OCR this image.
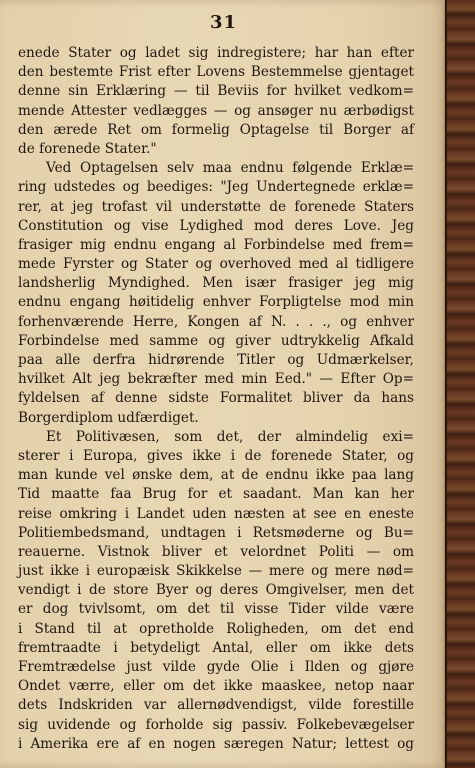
31
enede Stater og ladet sig indregistere; har han efter
den bestemte Frist efter Lovens Bestemmelse gjentaget
denne sin Erklæring — til Beviis for hvilket vedkom=
mende Attester vedlægges — og ansøger nu ærbødigst
den ærede Ret om formelig Optagelse til Borger af
de forenede Stater."
Ved Optagelsen selv maa endnu følgende Erklæ=
ring udstedes og beediges: "Jeg Undertegnede erklæ=
rer, at jeg trofast vil understøtte de forenede Staters
Constitution og vise Lydighed mod deres Love. Jeg
frasiger mig endnu engang al Forbindelse med frem=
mede Fyrster og Stater og overhoved med al tidligere
landsherlig Myndighed. Men især frasiger jeg mig
endnu engang høitidelig enhver Forpligtelse mod min
forhenværende Herre, Kongen af N. . . ., og enhver
Forbindelse med samme og giver udtrykkelig Afkald
paa alle derfra hidrørende Titler og Udmærkelser,
hvilket Alt jeg bekræfter med min Eed." — Efter Op=
fyldelsen af denne sidste Formalitet bliver da hans
Borgerdiplom udfærdiget.
Et Politivæsen, som det, der almindelig exi=
sterer i Europa, gives ikke i de forenede Stater, og
man kunde vel ønske dem, at de endnu ikke paa lang
Tid maatte faa Brug for et saadant. Man kan her
reise omkring i Landet uden næsten at see en eneste
Politiembedsmand, undtagen i Retsmøderne og Bu=
reauerne. Vistnok bliver et velordnet Politi — om
just ikke i europæisk Skikkelse — mere og mere nød=
vendigt i de store Byer og deres Omgivelser, men det
er dog tvivlsomt, om det til visse Tider vilde være
i Stand til at opretholde Roligheden, om det end
fremtraadte i betydeligt Antal, eller om ikke dets
Fremtrædelse just vilde gyde Olie i Ilden og gjøre
Ondet værre, eller om det ikke maaskee, netop naar
dets Indskriden var allernødvendigst, vilde forestille
sig uvidende og forholde sig passiv. Folkebevægelser
i Amerika ere af en nogen særegen Natur; lettest og
